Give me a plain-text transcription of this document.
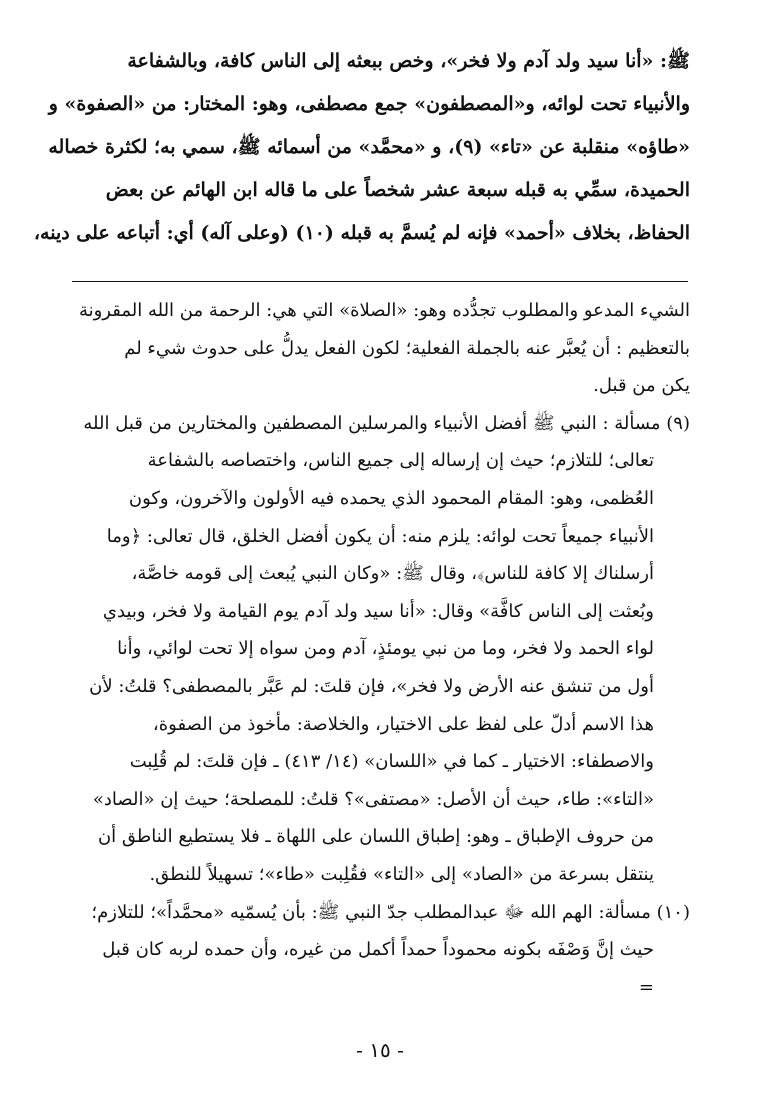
ﷺ: «أنا سيد ولد آدم ولا فخر»، وخص ببعثه إلى الناس كافة، وبالشفاعة
والأنبياء تحت لوائه، و«المصطفون» جمع مصطفى، وهو: المختار: من «الصفوة» و
«طاؤه» منقلبة عن «تاء» (٩)، و «محمَّد» من أسمائه ﷺ، سمي به؛ لكثرة خصاله
الحميدة، سمِّي به قبله سبعة عشر شخصاً على ما قاله ابن الهائم عن بعض
الحفاظ، بخلاف «أحمد» فإنه لم يُسمَّ به قبله (١٠) (وعلى آله) أي: أتباعه على دينه،
الشيء المدعو والمطلوب تجدُّده وهو: «الصلاة» التي هي: الرحمة من الله المقرونة
بالتعظيم : أن يُعبَّر عنه بالجملة الفعلية؛ لكون الفعل يدلُّ على حدوث شيء لم
يكن من قبل.
(٩) مسألة : النبي ﷺ أفضل الأنبياء والمرسلين المصطفين والمختارين من قبل الله
تعالى؛ للتلازم؛ حيث إن إرساله إلى جميع الناس، واختصاصه بالشفاعة
العُظمى، وهو: المقام المحمود الذي يحمده فيه الأولون والآخرون، وكون
الأنبياء جميعاً تحت لوائه: يلزم منه: أن يكون أفضل الخلق، قال تعالى: ﴿وما
أرسلناك إلا كافة للناس﴾، وقال ﷺ: «وكان النبي يُبعث إلى قومه خاصَّة،
وبُعثت إلى الناس كافَّة» وقال: «أنا سيد ولد آدم يوم القيامة ولا فخر، وبيدي
لواء الحمد ولا فخر، وما من نبي يومئذٍ، آدم ومن سواه إلا تحت لوائي، وأنا
أول من تنشق عنه الأرض ولا فخر»، فإن قلتَ: لم عَبَّر بالمصطفى؟ قلتُ: لأن
هذا الاسم أدلّ على لفظ على الاختيار، والخلاصة: مأخوذ من الصفوة،
والاصطفاء: الاختيار ـ كما في «اللسان» (١٤/ ٤١٣) ـ فإن قلتَ: لم قُلِبت
«التاء»: طاء، حيث أن الأصل: «مصتفى»؟ قلتُ: للمصلحة؛ حيث إن «الصاد»
من حروف الإطباق ـ وهو: إطباق اللسان على اللهاة ـ فلا يستطيع الناطق أن
ينتقل بسرعة من «الصاد» إلى «التاء» فقُلِبت «طاء»؛ تسهيلاً للنطق.
(١٠) مسألة: الهم الله ﷻ عبدالمطلب جدّ النبي ﷺ: بأن يُسمّيه «محمَّداً»؛ للتلازم؛
حيث إنَّ وَصْفَه بكونه محموداً حمداً أكمل من غيره، وأن حمده لربه كان قبل
=
- ١٥ -
